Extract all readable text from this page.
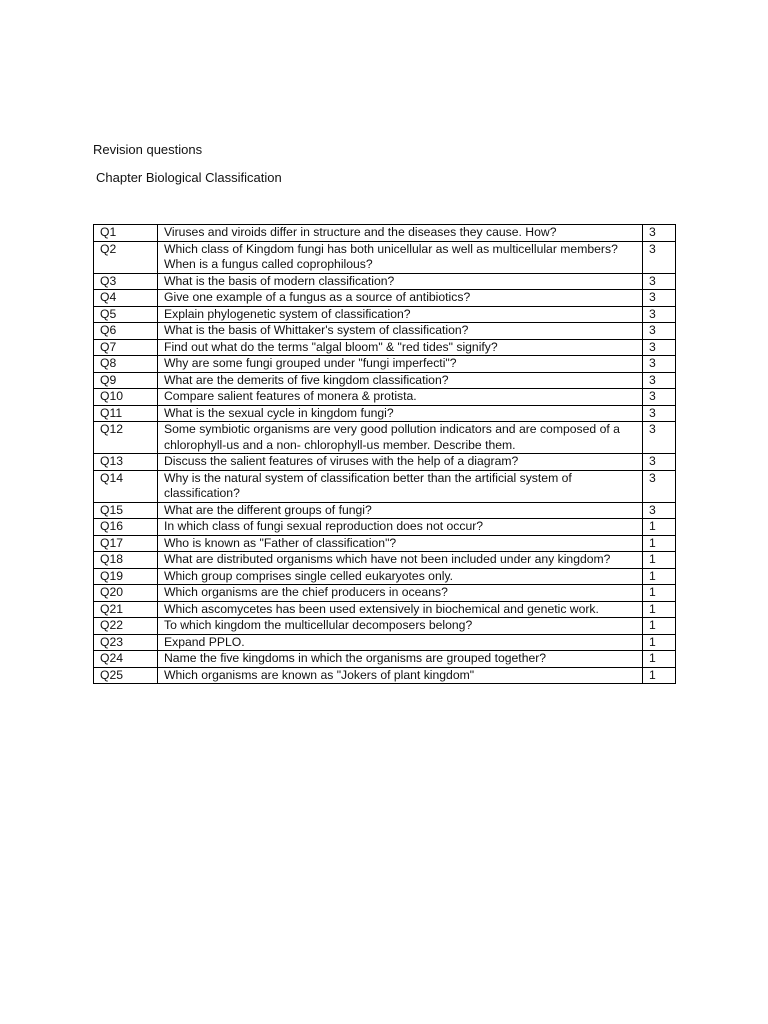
Revision questions
Chapter Biological Classification
Q1	Viruses and viroids differ in structure and the diseases they cause. How?	3
Q2	Which class of Kingdom fungi has both unicellular as well as multicellular members? When is a fungus called coprophilous?	3
Q3	What is the basis of modern classification?	3
Q4	Give one example of a fungus as a source of antibiotics?	3
Q5	Explain phylogenetic system of classification?	3
Q6	What is the basis of Whittaker's system of classification?	3
Q7	Find out what do the terms "algal bloom" & "red tides" signify?	3
Q8	Why are some fungi grouped under "fungi imperfecti"?	3
Q9	What are the demerits of five kingdom classification?	3
Q10	Compare salient features of monera & protista.	3
Q11	What is the sexual cycle in kingdom fungi?	3
Q12	Some symbiotic organisms are very good pollution indicators and are composed of a chlorophyll-us and a non- chlorophyll-us member. Describe them.	3
Q13	Discuss the salient features of viruses with the help of a diagram?	3
Q14	Why is the natural system of classification better than the artificial system of classification?	3
Q15	What are the different groups of fungi?	3
Q16	In which class of fungi sexual reproduction does not occur?	1
Q17	Who is known as "Father of classification"?	1
Q18	What are distributed organisms which have not been included under any kingdom?	1
Q19	Which group comprises single celled eukaryotes only.	1
Q20	Which organisms are the chief producers in oceans?	1
Q21	Which ascomycetes has been used extensively in biochemical and genetic work.	1
Q22	To which kingdom the multicellular decomposers belong?	1
Q23	Expand PPLO.	1
Q24	Name the five kingdoms in which the organisms are grouped together?	1
Q25	Which organisms are known as "Jokers of plant kingdom"	1
